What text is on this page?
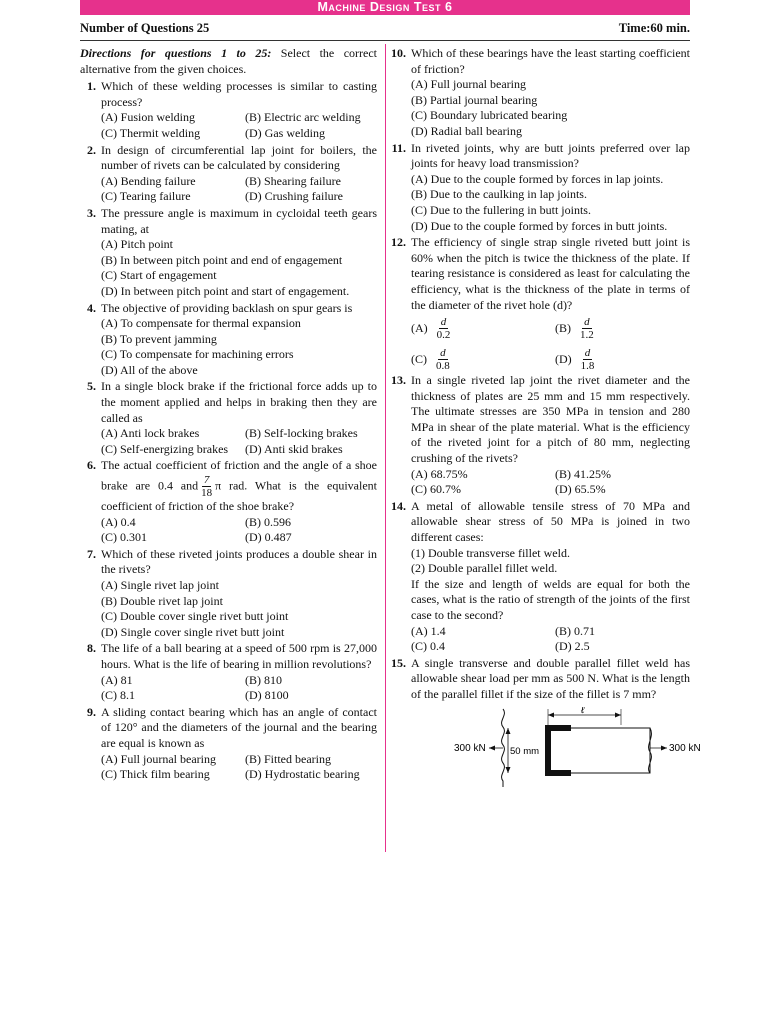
Machine Design Test 6
Number of Questions 25	Time:60 min.
Directions for questions 1 to 25: Select the correct alternative from the given choices.
1. Which of these welding processes is similar to casting process?
(A) Fusion welding	(B) Electric arc welding
(C) Thermit welding	(D) Gas welding
2. In design of circumferential lap joint for boilers, the number of rivets can be calculated by considering
(A) Bending failure	(B) Shearing failure
(C) Tearing failure	(D) Crushing failure
3. The pressure angle is maximum in cycloidal teeth gears mating, at
(A) Pitch point
(B) In between pitch point and end of engagement
(C) Start of engagement
(D) In between pitch point and start of engagement.
4. The objective of providing backlash on spur gears is
(A) To compensate for thermal expansion
(B) To prevent jamming
(C) To compensate for machining errors
(D) All of the above
5. In a single block brake if the frictional force adds up to the moment applied and helps in braking then they are called as
(A) Anti lock brakes	(B) Self-locking brakes
(C) Self-energizing brakes	(D) Anti skid brakes
6. The actual coefficient of friction and the angle of a shoe brake are 0.4 and $\frac{7}{18}$ π rad. What is the equivalent coefficient of friction of the shoe brake?
(A) 0.4	(B) 0.596
(C) 0.301	(D) 0.487
7. Which of these riveted joints produces a double shear in the rivets?
(A) Single rivet lap joint
(B) Double rivet lap joint
(C) Double cover single rivet butt joint
(D) Single cover single rivet butt joint
8. The life of a ball bearing at a speed of 500 rpm is 27,000 hours. What is the life of bearing in million revolutions?
(A) 81	(B) 810
(C) 8.1	(D) 8100
9. A sliding contact bearing which has an angle of contact of 120° and the diameters of the journal and the bearing are equal is known as
(A) Full journal bearing	(B) Fitted bearing
(C) Thick film bearing	(D) Hydrostatic bearing
10. Which of these bearings have the least starting coefficient of friction?
(A) Full journal bearing
(B) Partial journal bearing
(C) Boundary lubricated bearing
(D) Radial ball bearing
11. In riveted joints, why are butt joints preferred over lap joints for heavy load transmission?
(A) Due to the couple formed by forces in lap joints.
(B) Due to the caulking in lap joints.
(C) Due to the fullering in butt joints.
(D) Due to the couple formed by forces in butt joints.
12. The efficiency of single strap single riveted butt joint is 60% when the pitch is twice the thickness of the plate. If tearing resistance is considered as least for calculating the efficiency, what is the thickness of the plate in terms of the diameter of the rivet hole (d)?
$(A) \frac{d}{0.2}$	$(B) \frac{d}{1.2}$
$(C) \frac{d}{0.8}$	$(D) \frac{d}{1.8}$
13. In a single riveted lap joint the rivet diameter and the thickness of plates are 25 mm and 15 mm respectively. The ultimate stresses are 350 MPa in tension and 280 MPa in shear of the plate material. What is the efficiency of the riveted joint for a pitch of 80 mm, neglecting crushing of the rivets?
(A) 68.75%	(B) 41.25%
(C) 60.7%	(D) 65.5%
14. A metal of allowable tensile stress of 70 MPa and allowable shear stress of 50 MPa is joined in two different cases:
(1) Double transverse fillet weld.
(2) Double parallel fillet weld.
If the size and length of welds are equal for both the cases, what is the ratio of strength of the joints of the first case to the second?
(A) 1.4	(B) 0.71
(C) 0.4	(D) 2.5
15. A single transverse and double parallel fillet weld has allowable shear load per mm as 500 N. What is the length of the parallel fillet if the size of the fillet is 7 mm?
ℓ
50 mm
300 kN	300 kN
